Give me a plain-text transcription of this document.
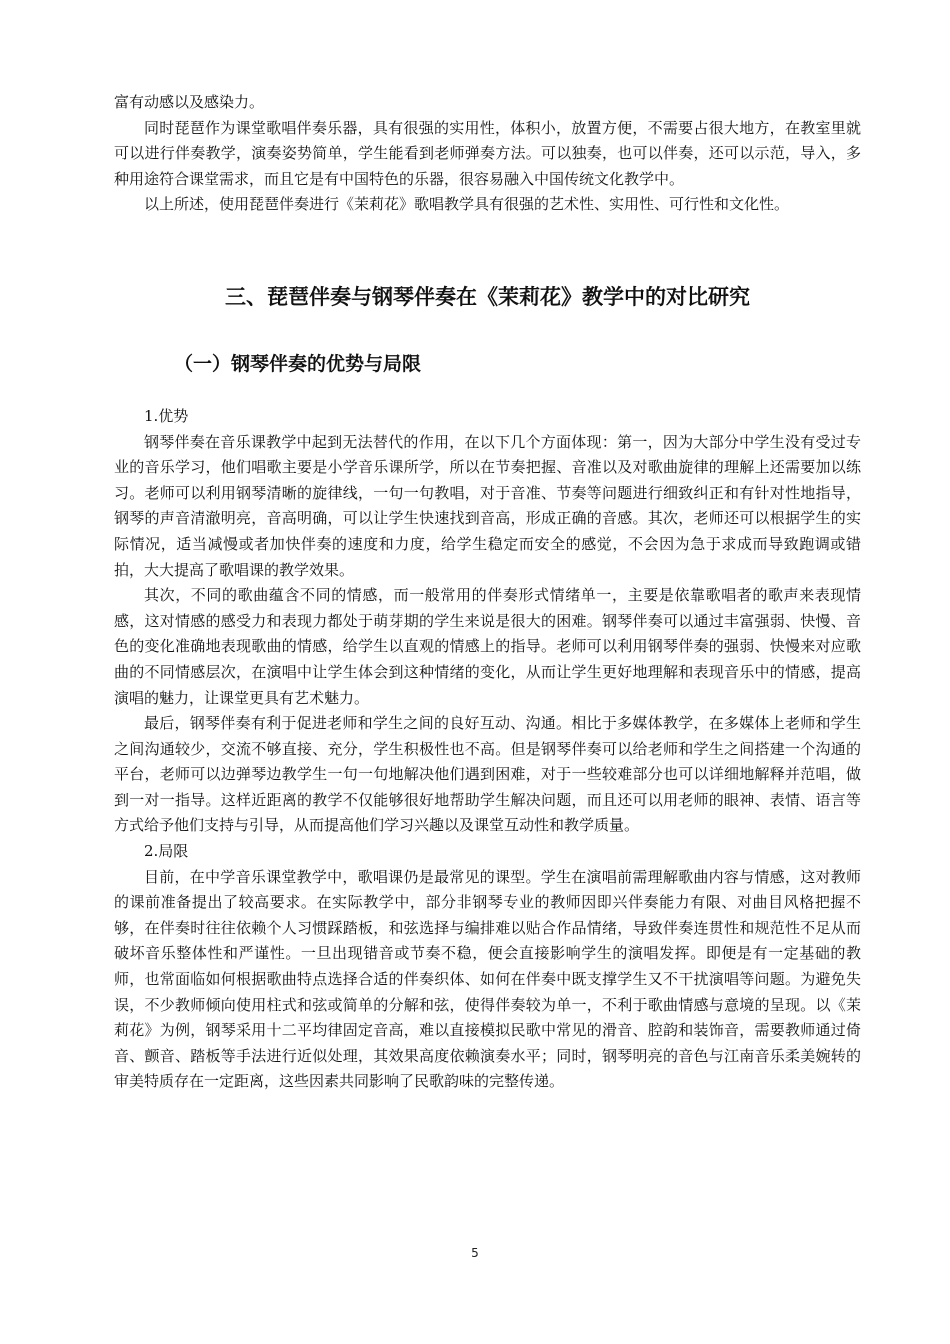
富有动感以及感染力。

同时琵琶作为课堂歌唱伴奏乐器，具有很强的实用性，体积小，放置方便，不需要占很大地方，在教室里就可以进行伴奏教学，演奏姿势简单，学生能看到老师弹奏方法。可以独奏，也可以伴奏，还可以示范，导入，多种用途符合课堂需求，而且它是有中国特色的乐器，很容易融入中国传统文化教学中。

以上所述，使用琵琶伴奏进行《茉莉花》歌唱教学具有很强的艺术性、实用性、可行性和文化性。

三、琵琶伴奏与钢琴伴奏在《茉莉花》教学中的对比研究
（一）钢琴伴奏的优势与局限

1.优势

钢琴伴奏在音乐课教学中起到无法替代的作用，在以下几个方面体现：第一，因为大部分中学生没有受过专业的音乐学习，他们唱歌主要是小学音乐课所学，所以在节奏把握、音准以及对歌曲旋律的理解上还需要加以练习。老师可以利用钢琴清晰的旋律线，一句一句教唱，对于音准、节奏等问题进行细致纠正和有针对性地指导，钢琴的声音清澈明亮，音高明确，可以让学生快速找到音高，形成正确的音感。其次，老师还可以根据学生的实际情况，适当减慢或者加快伴奏的速度和力度，给学生稳定而安全的感觉，不会因为急于求成而导致跑调或错拍，大大提高了歌唱课的教学效果。

其次，不同的歌曲蕴含不同的情感，而一般常用的伴奏形式情绪单一，主要是依靠歌唱者的歌声来表现情感，这对情感的感受力和表现力都处于萌芽期的学生来说是很大的困难。钢琴伴奏可以通过丰富强弱、快慢、音色的变化准确地表现歌曲的情感，给学生以直观的情感上的指导。老师可以利用钢琴伴奏的强弱、快慢来对应歌曲的不同情感层次，在演唱中让学生体会到这种情绪的变化，从而让学生更好地理解和表现音乐中的情感，提高演唱的魅力，让课堂更具有艺术魅力。

最后，钢琴伴奏有利于促进老师和学生之间的良好互动、沟通。相比于多媒体教学，在多媒体上老师和学生之间沟通较少，交流不够直接、充分，学生积极性也不高。但是钢琴伴奏可以给老师和学生之间搭建一个沟通的平台，老师可以边弹琴边教学生一句一句地解决他们遇到困难，对于一些较难部分也可以详细地解释并范唱，做到一对一指导。这样近距离的教学不仅能够很好地帮助学生解决问题，而且还可以用老师的眼神、表情、语言等方式给予他们支持与引导，从而提高他们学习兴趣以及课堂互动性和教学质量。

2.局限

目前，在中学音乐课堂教学中，歌唱课仍是最常见的课型。学生在演唱前需理解歌曲内容与情感，这对教师的课前准备提出了较高要求。在实际教学中，部分非钢琴专业的教师因即兴伴奏能力有限、对曲目风格把握不够，在伴奏时往往依赖个人习惯踩踏板，和弦选择与编排难以贴合作品情绪，导致伴奏连贯性和规范性不足从而破坏音乐整体性和严谨性。一旦出现错音或节奏不稳，便会直接影响学生的演唱发挥。即便是有一定基础的教师，也常面临如何根据歌曲特点选择合适的伴奏织体、如何在伴奏中既支撑学生又不干扰演唱等问题。为避免失误，不少教师倾向使用柱式和弦或简单的分解和弦，使得伴奏较为单一，不利于歌曲情感与意境的呈现。以《茉莉花》为例，钢琴采用十二平均律固定音高，难以直接模拟民歌中常见的滑音、腔韵和装饰音，需要教师通过倚音、颤音、踏板等手法进行近似处理，其效果高度依赖演奏水平；同时，钢琴明亮的音色与江南音乐柔美婉转的审美特质存在一定距离，这些因素共同影响了民歌韵味的完整传递。

5
